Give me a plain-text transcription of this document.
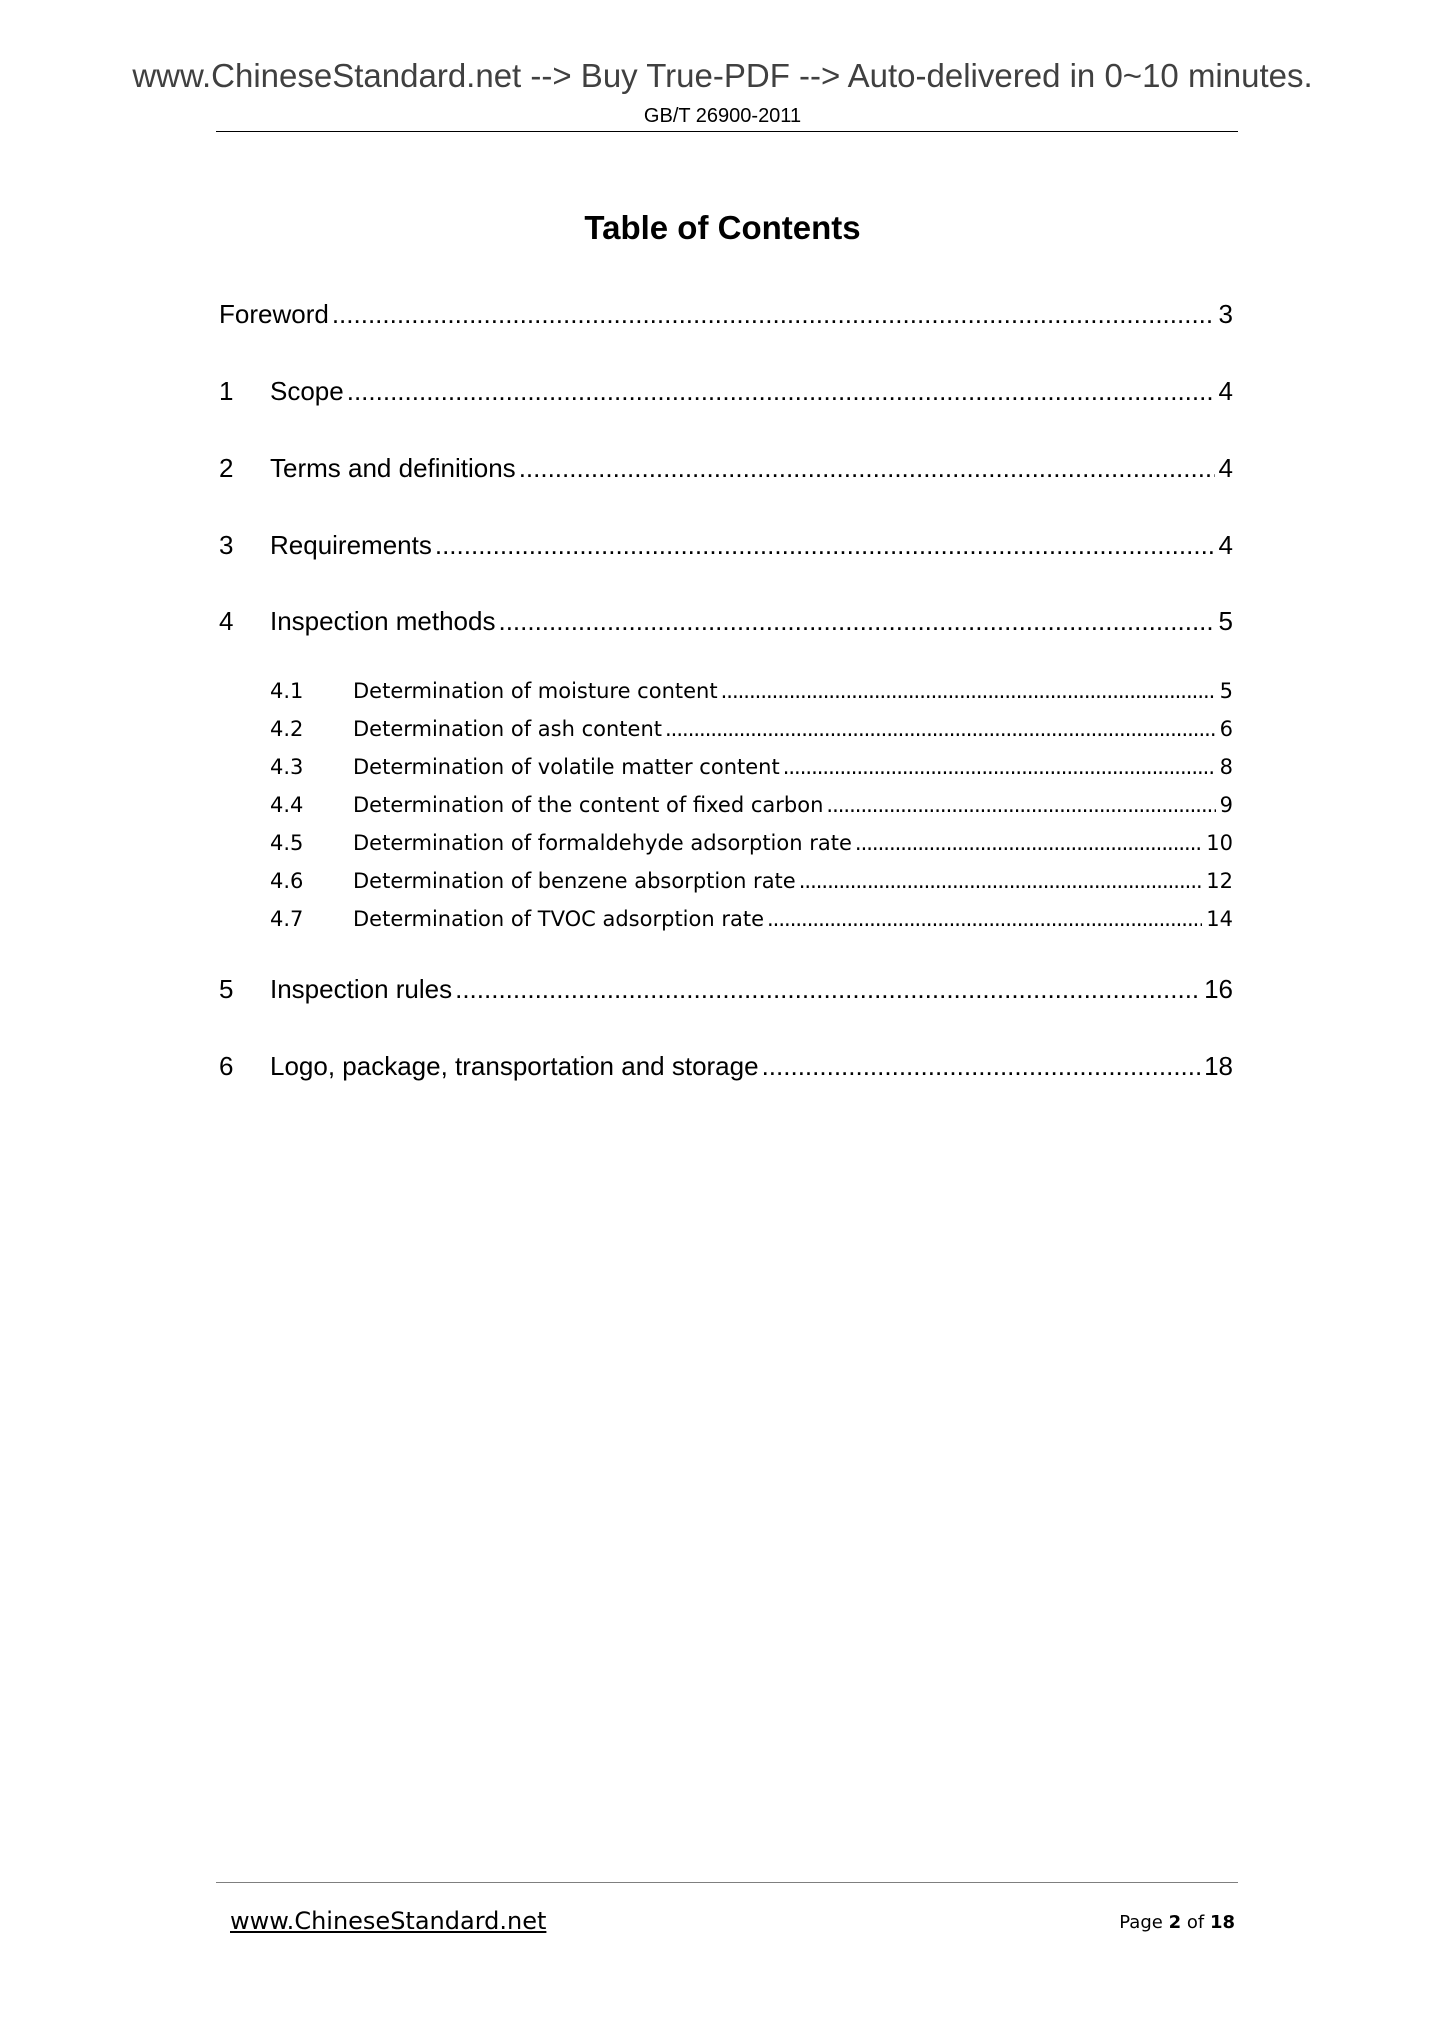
www.ChineseStandard.net --> Buy True-PDF --> Auto-delivered in 0~10 minutes.
GB/T 26900-2011
Table of Contents
Foreword .....	3
1	Scope .....	4
2	Terms and definitions .....	4
3	Requirements .....	4
4	Inspection methods .....	5
4.1	Determination of moisture content .....	5
4.2	Determination of ash content .....	6
4.3	Determination of volatile matter content .....	8
4.4	Determination of the content of fixed carbon .....	9
4.5	Determination of formaldehyde adsorption rate .....	10
4.6	Determination of benzene absorption rate .....	12
4.7	Determination of TVOC adsorption rate .....	14
5	Inspection rules .....	16
6	Logo, package, transportation and storage .....	18
www.ChineseStandard.net	Page 2 of 18
